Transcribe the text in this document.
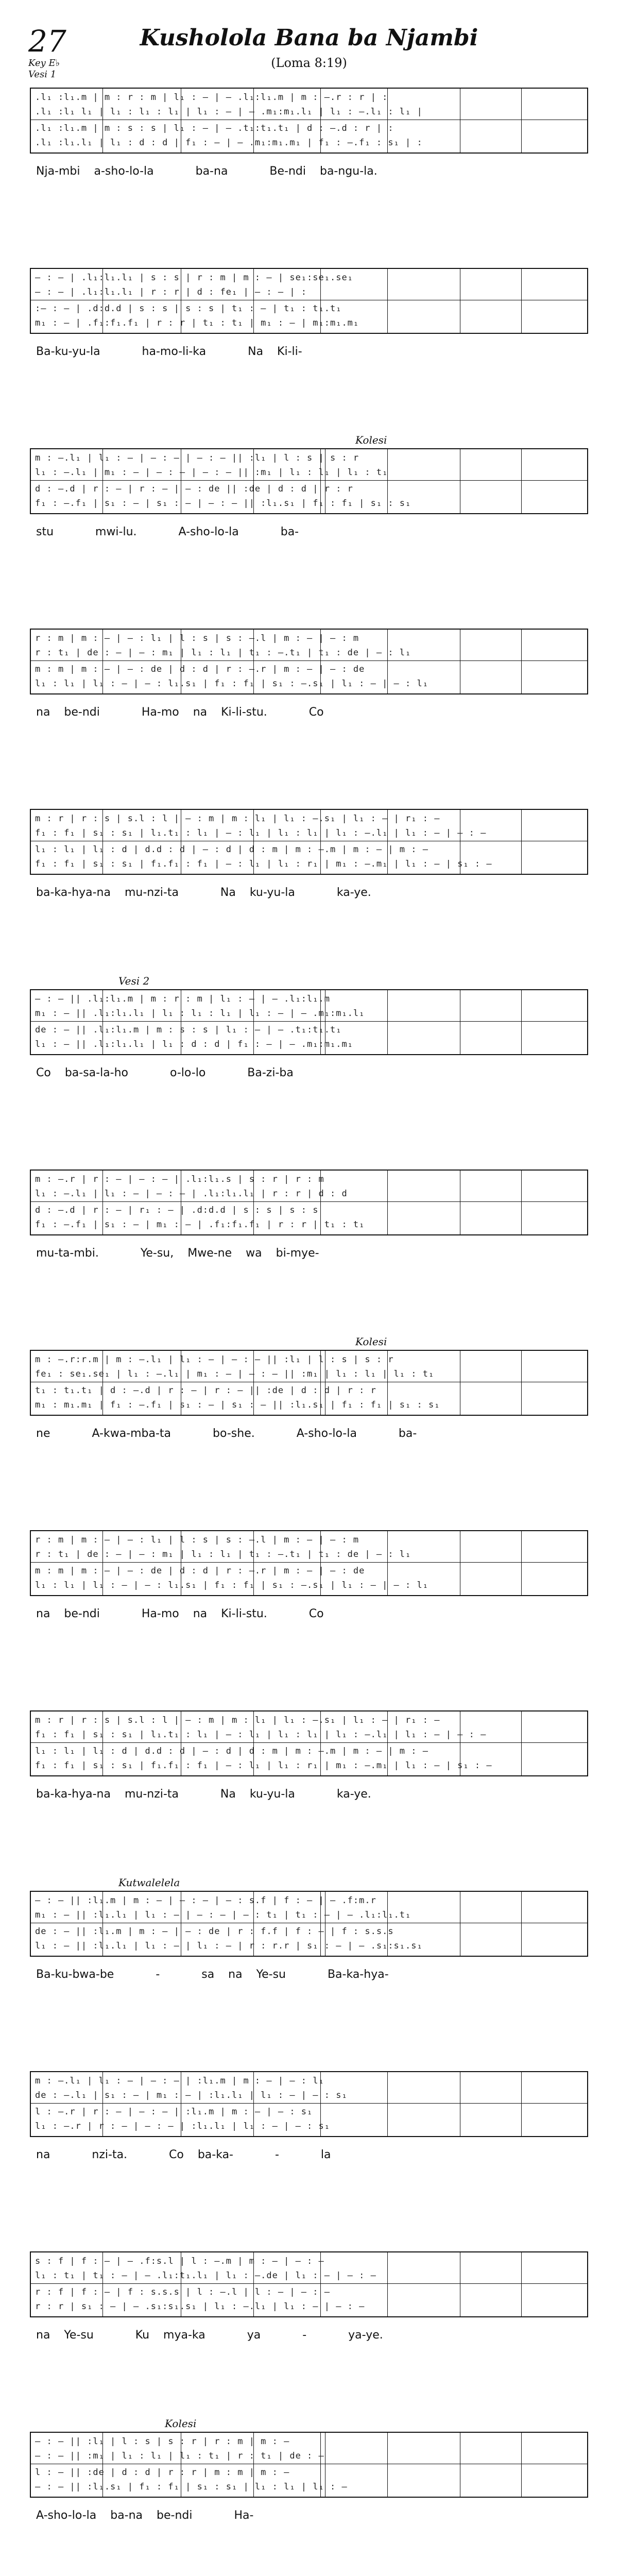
27	Kusholola Bana ba Njambi
(Loma 8:19)
Key E♭
Vesi 1
.l₁ :l₁.m | m : r : m | l₁ : — | — .l₁:l₁.m | m : —.r : r | :
.l₁ :l₁ l₁ | l₁ : l₁ : l₁ | l₁ : — | — .m₁:m₁.l₁ | l₁ : —.l₁ : l₁ |
.l₁ :l₁.m | m : s : s | l₁ : — | — .t₁:t₁.t₁ | d : —.d : r | :
.l₁ :l₁.l₁ | l₁ : d : d | f₁ : — | — .m₁:m₁.m₁ | f₁ : —.f₁ : s₁ | :
— : — | .l₁:l₁.l₁ | s : s | r : m | m : — | se₁:se₁.se₁
— : — | .l₁:l₁.l₁ | r : r | d : fe₁ | — : — | :
:— : — | .d:d.d | s : s | s : s | t₁ : — | t₁ : t₁.t₁
m₁ : — | .f₁:f₁.f₁ | r : r | t₁ : t₁ | m₁ : — | m₁:m₁.m₁
m : —.l₁ | l₁ : — | — : — | — : — || :l₁ | l : s | s : r
l₁ : —.l₁ | m₁ : — | — : — | — : — || :m₁ | l₁ : l₁ | l₁ : t₁
d : —.d | r : — | r : — | — : de || :de | d : d | r : r
f₁ : —.f₁ | s₁ : — | s₁ : — | — : — || :l₁.s₁ | f₁ : f₁ | s₁ : s₁
r : m | m : — | — : l₁ | l : s | s : —.l | m : — | — : m
r : t₁ | de : — | — : m₁ | l₁ : l₁ | t₁ : —.t₁ | t₁ : de | — : l₁
m : m | m : — | — : de | d : d | r : —.r | m : — | — : de
l₁ : l₁ | l₁ : — | — : l₁.s₁ | f₁ : f₁ | s₁ : —.s₁ | l₁ : — | — : l₁
m : r | r : s | s.l : l | — : m | m : l₁ | l₁ : —.s₁ | l₁ : — | r₁ : —
f₁ : f₁ | s₁ : s₁ | l₁.t₁ : l₁ | — : l₁ | l₁ : l₁ | l₁ : —.l₁ | l₁ : — | — : —
l₁ : l₁ | l₁ : d | d.d : d | — : d | d : m | m : —.m | m : — | m : —
f₁ : f₁ | s₁ : s₁ | f₁.f₁ : f₁ | — : l₁ | l₁ : r₁ | m₁ : —.m₁ | l₁ : — | s₁ : —
— : — || .l₁:l₁.m | m : r : m | l₁ : — | — .l₁:l₁.m
m₁ : — || .l₁:l₁.l₁ | l₁ : l₁ : l₁ | l₁ : — | — .m₁:m₁.l₁
de : — || .l₁:l₁.m | m : s : s | l₁ : — | — .t₁:t₁.t₁
l₁ : — || .l₁:l₁.l₁ | l₁ : d : d | f₁ : — | — .m₁:m₁.m₁
m : —.r | r : — | — : — | .l₁:l₁.s | s : r | r : m
l₁ : —.l₁ | l₁ : — | — : — | .l₁:l₁.l₁ | r : r | d : d
d : —.d | r : — | r₁ : — | .d:d.d | s : s | s : s
f₁ : —.f₁ | s₁ : — | m₁ : — | .f₁:f₁.f₁ | r : r | t₁ : t₁
m : —.r:r.m | m : —.l₁ | l₁ : — | — : — || :l₁ | l : s | s : r
fe₁ : se₁.se₁ | l₁ : —.l₁ | m₁ : — | — : — || :m₁ | l₁ : l₁ | l₁ : t₁
t₁ : t₁.t₁ | d : —.d | r : — | r : — || :de | d : d | r : r
m₁ : m₁.m₁ | f₁ : —.f₁ | s₁ : — | s₁ : — || :l₁.s₁ | f₁ : f₁ | s₁ : s₁
r : m | m : — | — : l₁ | l : s | s : —.l | m : — | — : m
r : t₁ | de : — | — : m₁ | l₁ : l₁ | t₁ : —.t₁ | t₁ : de | — : l₁
m : m | m : — | — : de | d : d | r : —.r | m : — | — : de
l₁ : l₁ | l₁ : — | — : l₁.s₁ | f₁ : f₁ | s₁ : —.s₁ | l₁ : — | — : l₁
m : r | r : s | s.l : l | — : m | m : l₁ | l₁ : —.s₁ | l₁ : — | r₁ : —
f₁ : f₁ | s₁ : s₁ | l₁.t₁ : l₁ | — : l₁ | l₁ : l₁ | l₁ : —.l₁ | l₁ : — | — : —
l₁ : l₁ | l₁ : d | d.d : d | — : d | d : m | m : —.m | m : — | m : —
f₁ : f₁ | s₁ : s₁ | f₁.f₁ : f₁ | — : l₁ | l₁ : r₁ | m₁ : —.m₁ | l₁ : — | s₁ : —
— : — || :l₁.m | m : — | — : — | — : s.f | f : — | — .f:m.r
m₁ : — || :l₁.l₁ | l₁ : — | — : — | — : t₁ | t₁ : — | — .l₁:l₁.t₁
de : — || :l₁.m | m : — | — : de | r : f.f | f : — | f : s.s.s
l₁ : — || :l₁.l₁ | l₁ : — | l₁ : — | r : r.r | s₁ : — | — .s₁:s₁.s₁
m : —.l₁ | l₁ : — | — : — | :l₁.m | m : — | — : l₁
de : —.l₁ | s₁ : — | m₁ : — | :l₁.l₁ | l₁ : — | — : s₁
l : —.r | r : — | — : — | :l₁.m | m : — | — : s₁
l₁ : —.r | r : — | — : — | :l₁.l₁ | l₁ : — | — : s₁
s : f | f : — | — .f:s.l | l : —.m | m : — | — : —
l₁ : t₁ | t₁ : — | — .l₁:t₁.l₁ | l₁ : —.de | l₁ : — | — : —
r : f | f : — | f : s.s.s | l : —.l | l : — | — : —
r : r | s₁ : — | — .s₁:s₁.s₁ | l₁ : —.l₁ | l₁ : — | — : —
— : — || :l₁ | l : s | s : r | r : m | m : —
— : — || :m₁ | l₁ : l₁ | l₁ : t₁ | r : t₁ | de : —
l : — || :de | d : d | r : r | m : m | m : —
— : — || :l₁.s₁ | f₁ : f₁ | s₁ : s₁ | l₁ : l₁ | l₁ : —
Nja-mbi a-sho-lo-la   ba-na   Be-ndi ba-ngu-la.
Ba-ku-yu-la   ha-mo-li-ka   Na Ki-li-
Kolesi
stu   mwi-lu.   A-sho-lo-la   ba-
na be-ndi   Ha-mo na Ki-li-stu.   Co
ba-ka-hya-na mu-nzi-ta   Na ku-yu-la   ka-ye.
Vesi 2
Co ba-sa-la-ho   o-lo-lo   Ba-zi-ba
mu-ta-mbi.   Ye-su, Mwe-ne wa bi-mye-
Kolesi
ne   A-kwa-mba-ta   bo-she.   A-sho-lo-la   ba-
na be-ndi   Ha-mo na Ki-li-stu.   Co
ba-ka-hya-na mu-nzi-ta   Na ku-yu-la   ka-ye.
Kutwalelela
Ba-ku-bwa-be   -   sa na Ye-su   Ba-ka-hya-
na   nzi-ta.   Co ba-ka-   -   la
na Ye-su   Ku mya-ka   ya   -   ya-ye.
Kolesi
A-sho-lo-la ba-na be-ndi   Ha-
